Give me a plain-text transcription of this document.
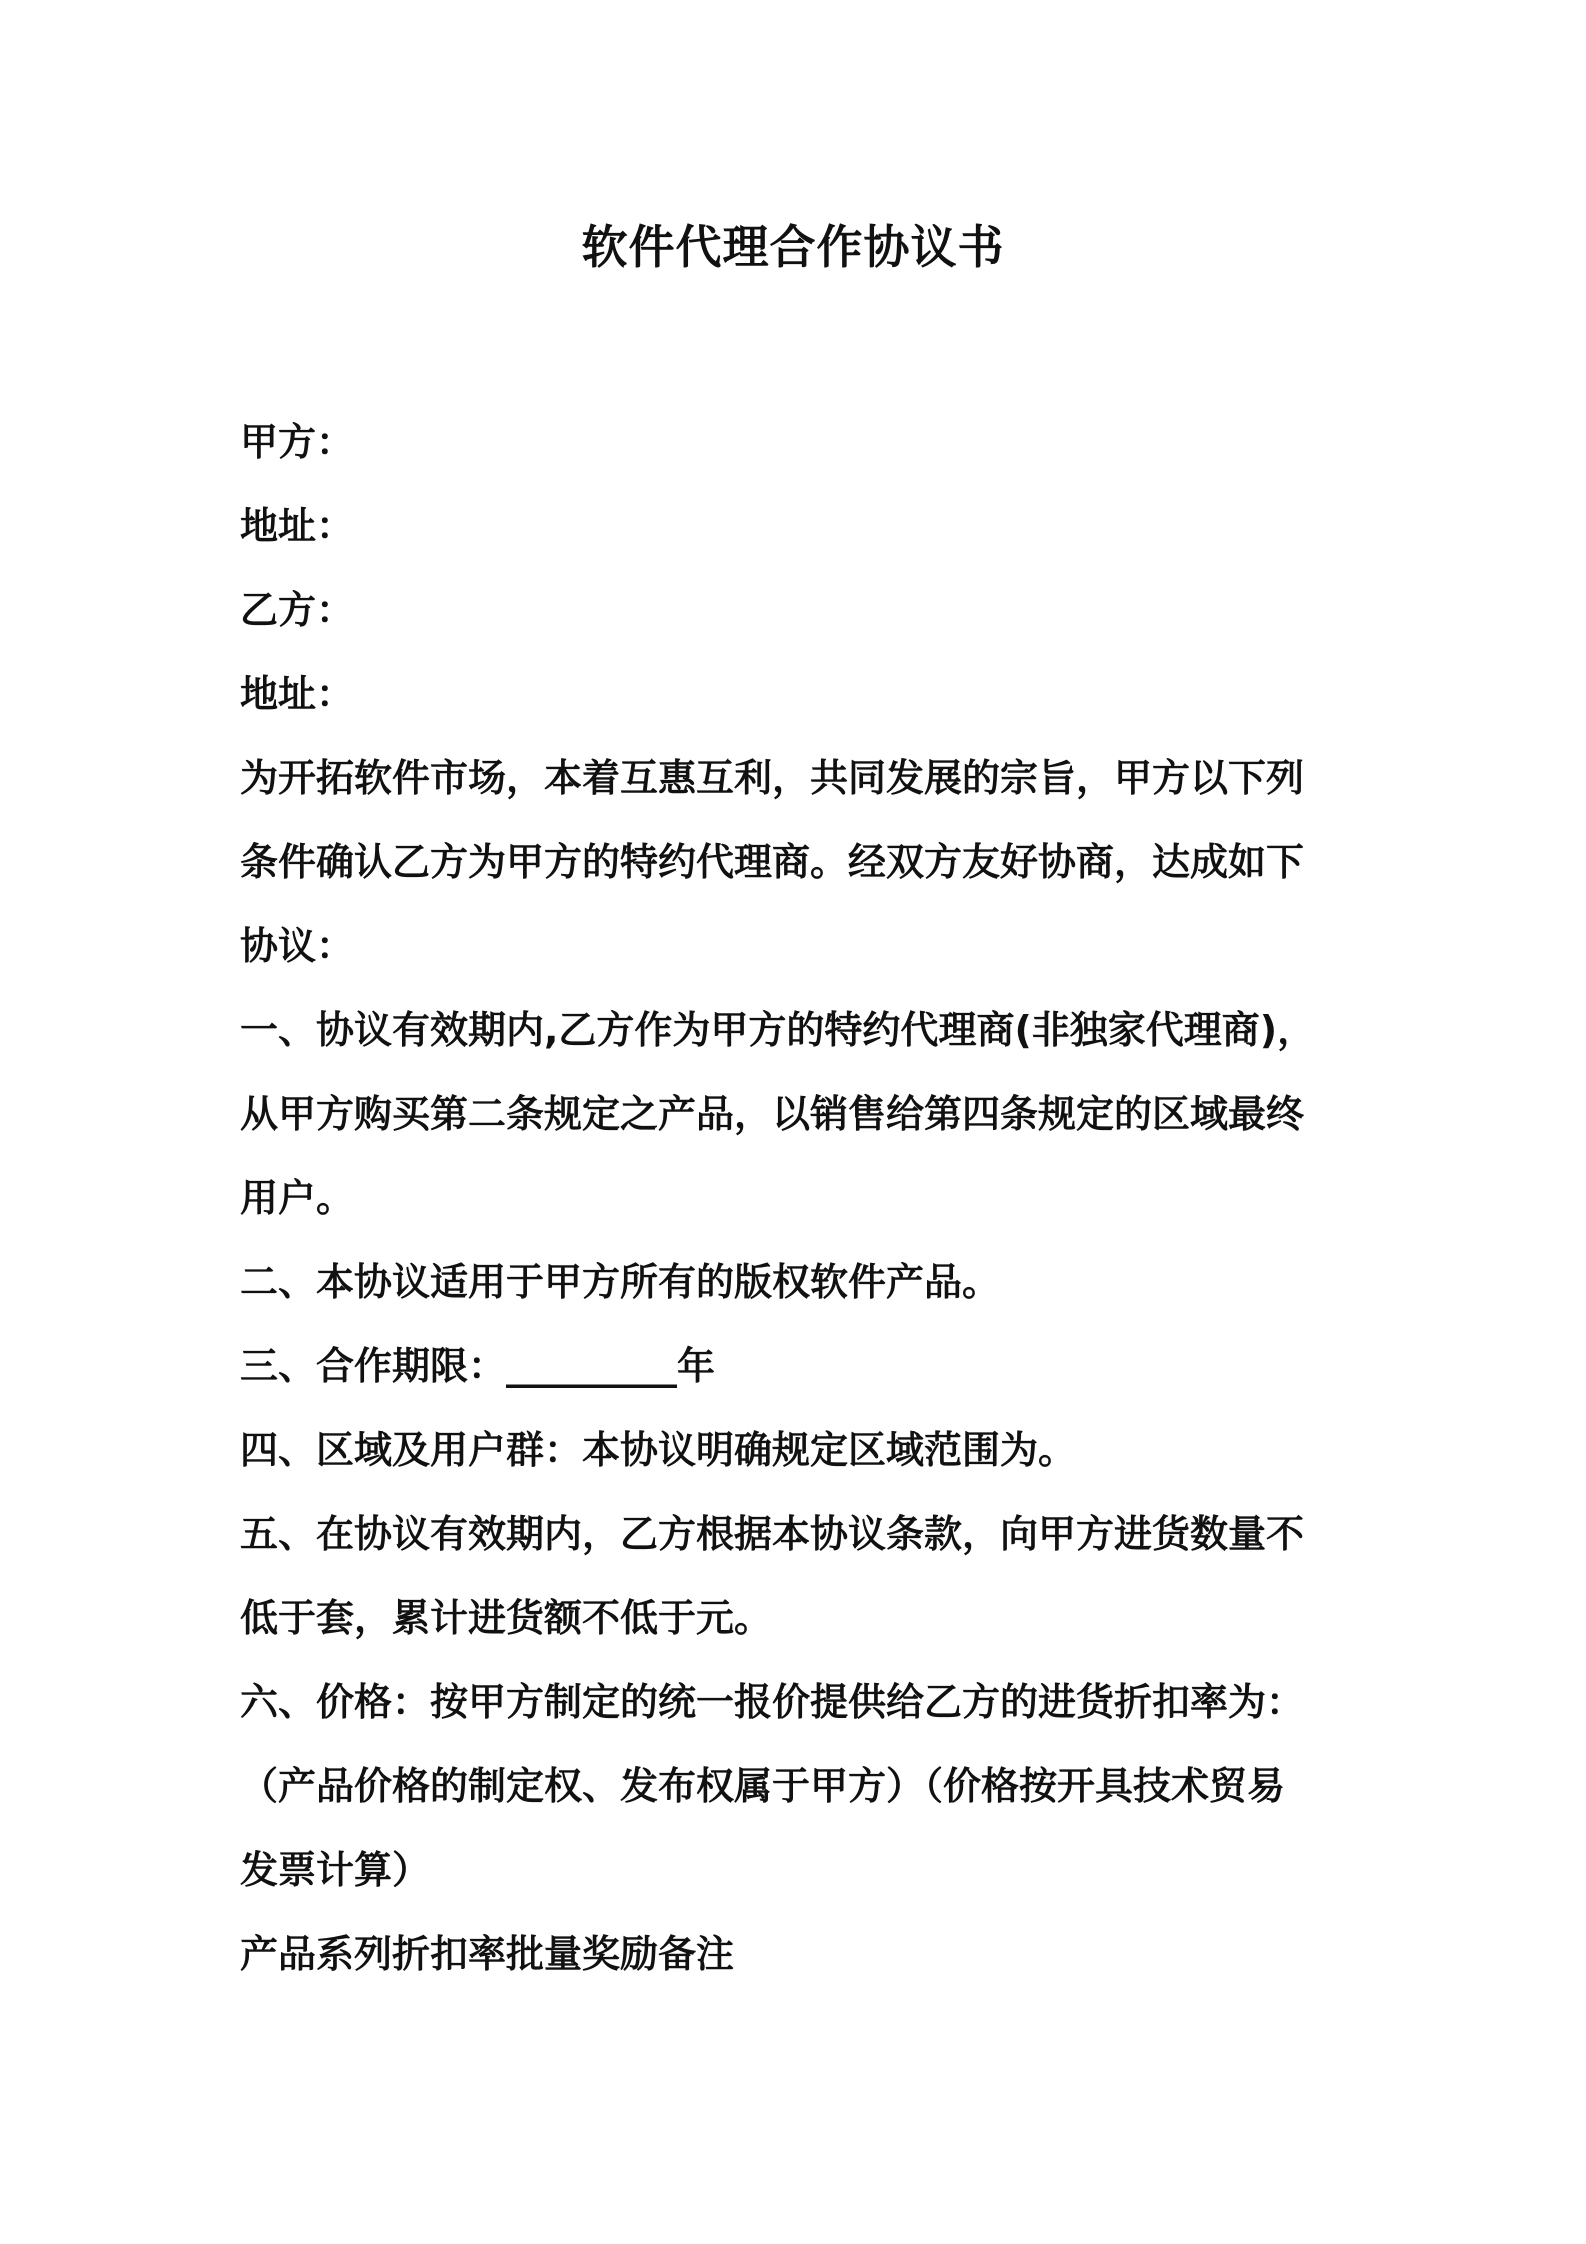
软件代理合作协议书
甲方：
地址：
乙方：
地址：
为开拓软件市场，本着互惠互利，共同发展的宗旨，甲方以下列
条件确认乙方为甲方的特约代理商。经双方友好协商，达成如下
协议：
一、协议有效期内,乙方作为甲方的特约代理商(非独家代理商)，
从甲方购买第二条规定之产品，以销售给第四条规定的区域最终
用户。
二、本协议适用于甲方所有的版权软件产品。
三、合作期限：_________年
四、区域及用户群：本协议明确规定区域范围为。
五、在协议有效期内，乙方根据本协议条款，向甲方进货数量不
低于套，累计进货额不低于元。
六、价格：按甲方制定的统一报价提供给乙方的进货折扣率为：
（产品价格的制定权、发布权属于甲方）（价格按开具技术贸易
发票计算）
产品系列折扣率批量奖励备注
